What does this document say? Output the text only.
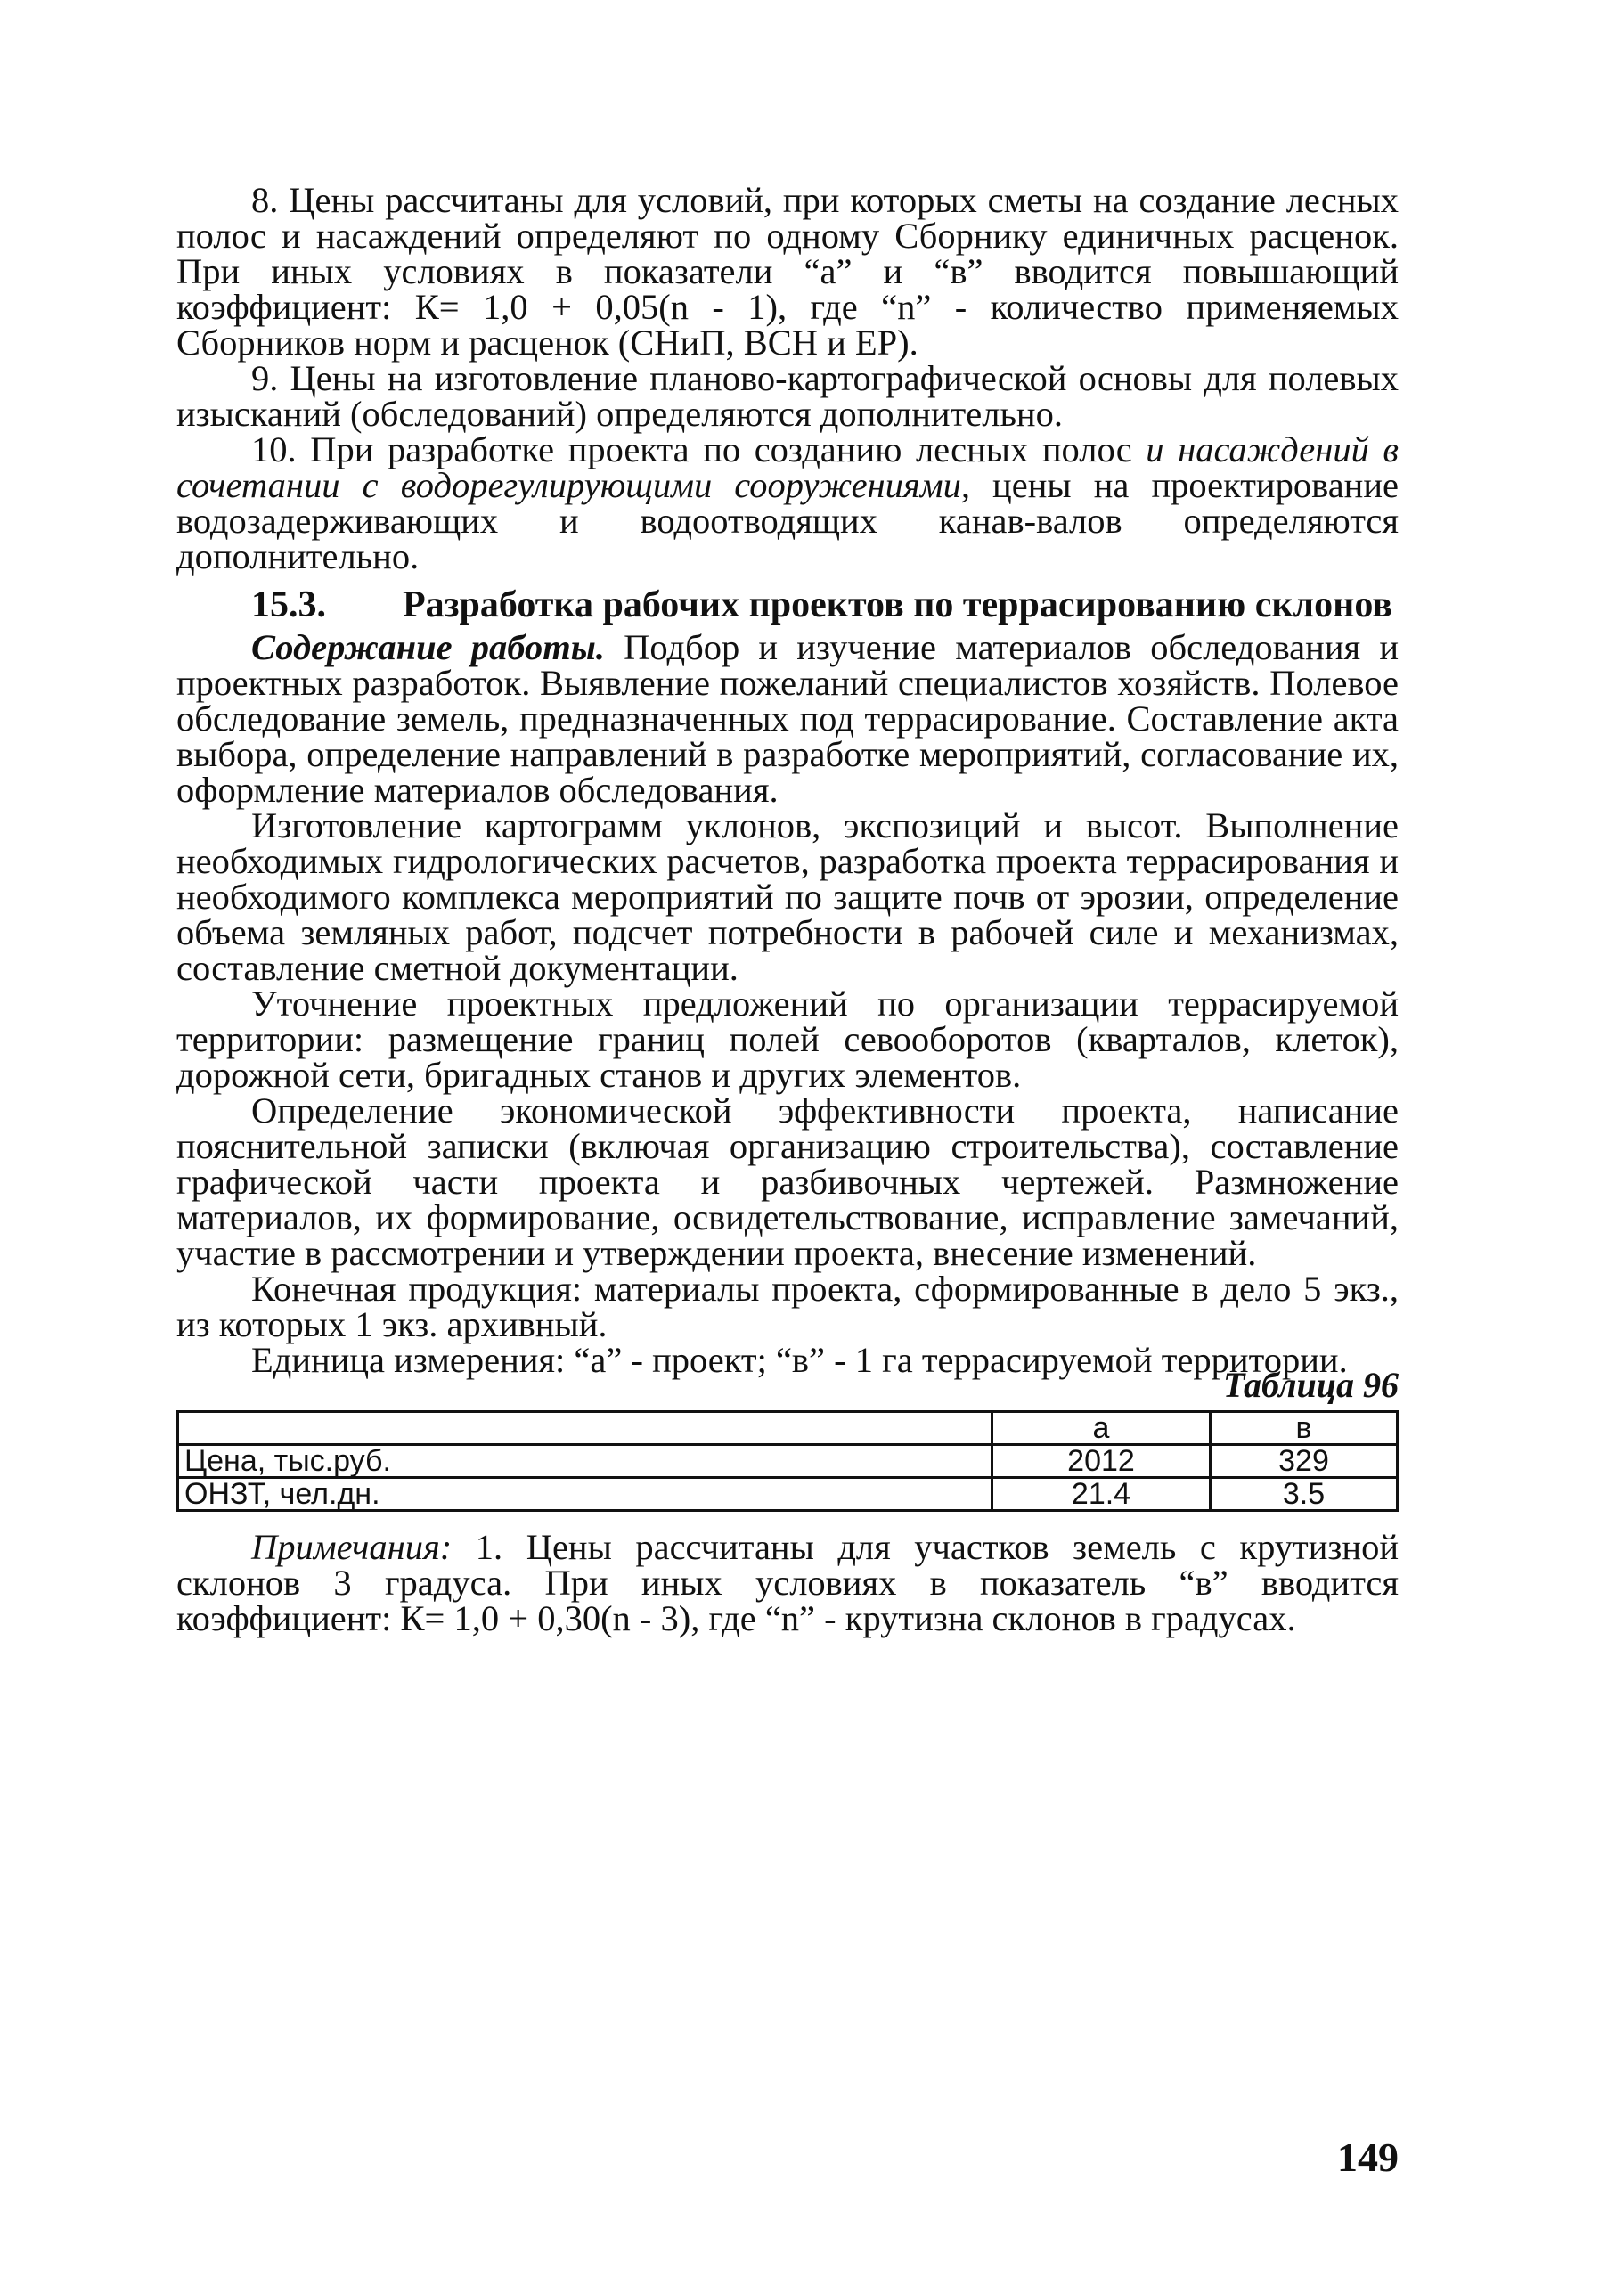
8. Цены рассчитаны для условий, при которых сметы на создание лесных полос и насаждений определяют по одному Сборнику единичных расценок. При иных условиях в показатели “а” и “в” вводится повышающий коэффициент: К= 1,0 + 0,05(n - 1), где “n” - количество применяемых Сборников норм и расценок (СНиП, ВСН и ЕР).

9. Цены на изготовление планово-картографической основы для полевых изысканий (обследований) определяются дополнительно.

10. При разработке проекта по созданию лесных полос и насаждений в сочетании с водорегулирующими сооружениями, цены на проектирование водозадерживающих и водоотводящих канав-валов определяются дополнительно.

15.3.	Разработка рабочих проектов по террасированию склонов

Содержание работы. Подбор и изучение материалов обследования и проектных разработок. Выявление пожеланий специалистов хозяйств. Полевое обследование земель, предназначенных под террасирование. Составление акта выбора, определение направлений в разработке мероприятий, согласование их, оформление материалов обследования.

Изготовление картограмм уклонов, экспозиций и высот. Выполнение необходимых гидрологических расчетов, разработка проекта террасирования и необходимого комплекса мероприятий по защите почв от эрозии, определение объема земляных работ, подсчет потребности в рабочей силе и механизмах, составление сметной документации.

Уточнение проектных предложений по организации террасируемой территории: размещение границ полей севооборотов (кварталов, клеток), дорожной сети, бригадных станов и других элементов.

Определение экономической эффективности проекта, написание пояснительной записки (включая организацию строительства), составление графической части проекта и разбивочных чертежей. Размножение материалов, их формирование, освидетельствование, исправление замечаний, участие в рассмотрении и утверждении проекта, внесение изменений.

Конечная продукция: материалы проекта, сформированные в дело 5 экз., из которых 1 экз. архивный.

Единица измерения: “а” - проект; “в” - 1 га террасируемой территории.

Таблица 96
	а	в
Цена, тыс.руб.	2012	329
ОНЗТ, чел.дн.	21.4	3.5

Примечания: 1. Цены рассчитаны для участков земель с крутизной склонов 3 градуса. При иных условиях в показатель “в” вводится коэффициент: К= 1,0 + 0,30(n - 3), где “n” - крутизна склонов в градусах.

149
